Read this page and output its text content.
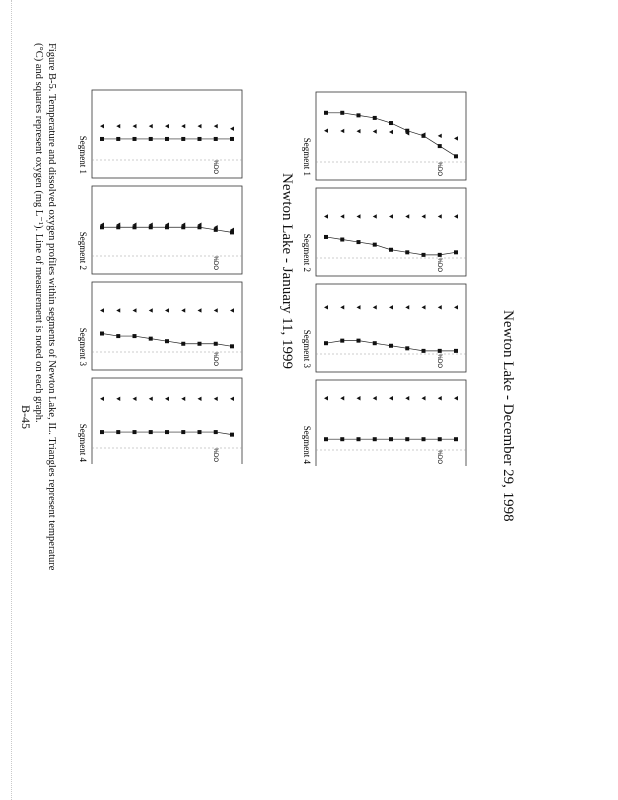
Newton Lake - December 29, 1998
Newton Lake - January 11, 1999
Segment 1	%DO
Segment 2	%DO
Segment 3	%DO
Segment 4	%DO
Segment 1	%DO
Segment 2	%DO
Segment 3	%DO
Segment 4	%DO
Figure B-5. Temperature and dissolved oxygen profiles within segments of Newton Lake, IL. Triangles represent temperature
(°C) and squares represent oxygen (mg L⁻¹). Line of measurement is noted on each graph.
B-45
